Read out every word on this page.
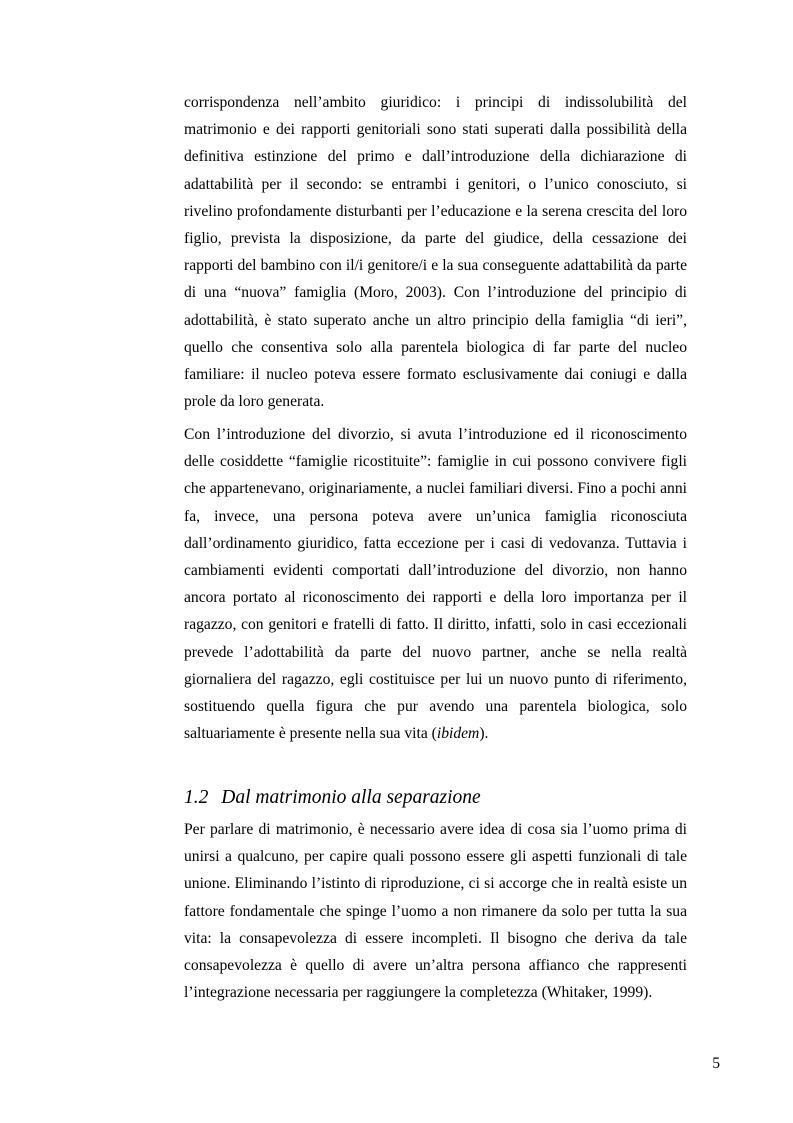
corrispondenza nell’ambito giuridico: i principi di indissolubilità del matrimonio e dei rapporti genitoriali sono stati superati dalla possibilità della definitiva estinzione del primo e dall’introduzione della dichiarazione di adattabilità per il secondo: se entrambi i genitori, o l’unico conosciuto, si rivelino profondamente disturbanti per l’educazione e la serena crescita del loro figlio, prevista la disposizione, da parte del giudice, della cessazione dei rapporti del bambino con il/i genitore/i e la sua conseguente adattabilità da parte di una “nuova” famiglia (Moro, 2003). Con l’introduzione del principio di adottabilità, è stato superato anche un altro principio della famiglia “di ieri”, quello che consentiva solo alla parentela biologica di far parte del nucleo familiare: il nucleo poteva essere formato esclusivamente dai coniugi e dalla prole da loro generata.

Con l’introduzione del divorzio, si avuta l’introduzione ed il riconoscimento delle cosiddette “famiglie ricostituite”: famiglie in cui possono convivere figli che appartenevano, originariamente, a nuclei familiari diversi. Fino a pochi anni fa, invece, una persona poteva avere un’unica famiglia riconosciuta dall’ordinamento giuridico, fatta eccezione per i casi di vedovanza. Tuttavia i cambiamenti evidenti comportati dall’introduzione del divorzio, non hanno ancora portato al riconoscimento dei rapporti e della loro importanza per il ragazzo, con genitori e fratelli di fatto. Il diritto, infatti, solo in casi eccezionali prevede l’adottabilità da parte del nuovo partner, anche se nella realtà giornaliera del ragazzo, egli costituisce per lui un nuovo punto di riferimento, sostituendo quella figura che pur avendo una parentela biologica, solo saltuariamente è presente nella sua vita (ibidem).

1.2 Dal matrimonio alla separazione

Per parlare di matrimonio, è necessario avere idea di cosa sia l’uomo prima di unirsi a qualcuno, per capire quali possono essere gli aspetti funzionali di tale unione. Eliminando l’istinto di riproduzione, ci si accorge che in realtà esiste un fattore fondamentale che spinge l’uomo a non rimanere da solo per tutta la sua vita: la consapevolezza di essere incompleti. Il bisogno che deriva da tale consapevolezza è quello di avere un’altra persona affianco che rappresenti l’integrazione necessaria per raggiungere la completezza (Whitaker, 1999).

5
